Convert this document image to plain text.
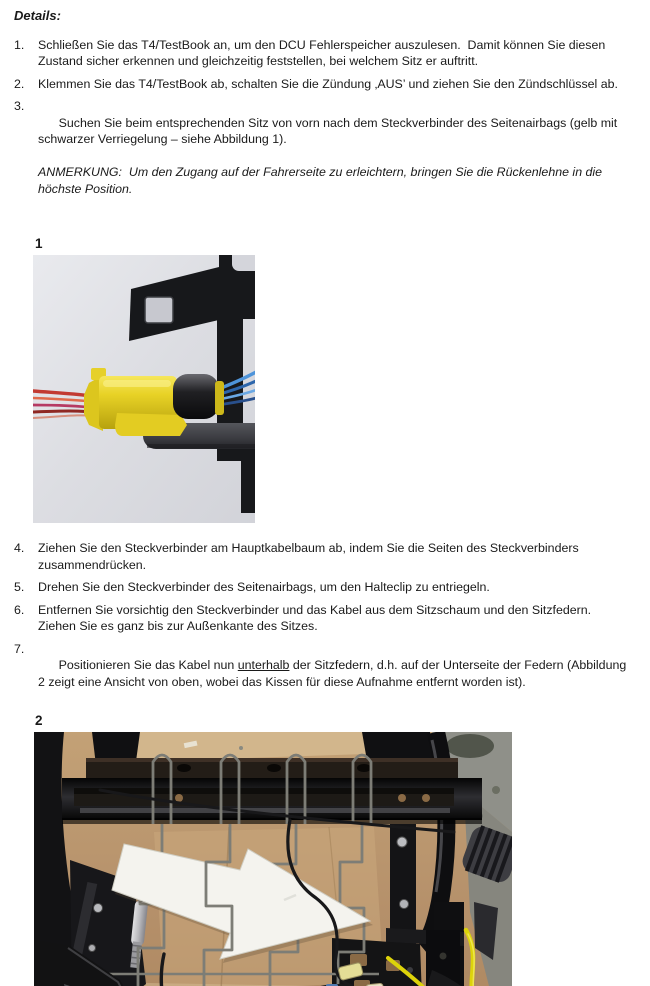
Details:

1.	Schließen Sie das T4/TestBook an, um den DCU Fehlerspeicher auszulesen.  Damit können Sie diesen Zustand sicher erkennen und gleichzeitig feststellen, bei welchem Sitz er auftritt.
2.	Klemmen Sie das T4/TestBook ab, schalten Sie die Zündung ‚AUS’ und ziehen Sie den Zündschlüssel ab.
3.

Suchen Sie beim entsprechenden Sitz von vorn nach dem Steckverbinder des Seitenairbags (gelb mit schwarzer Verriegelung – siehe Abbildung 1).

ANMERKUNG:  Um den Zugang auf der Fahrerseite zu erleichtern, bringen Sie die Rückenlehne in die höchste Position.

1
4.	Ziehen Sie den Steckverbinder am Hauptkabelbaum ab, indem Sie die Seiten des Steckverbinders zusammendrücken.
5.	Drehen Sie den Steckverbinder des Seitenairbags, um den Halteclip zu entriegeln.
6.	Entfernen Sie vorsichtig den Steckverbinder und das Kabel aus dem Sitzschaum und den Sitzfedern. Ziehen Sie es ganz bis zur Außenkante des Sitzes.
7.

Positionieren Sie das Kabel nun unterhalb der Sitzfedern, d.h. auf der Unterseite der Federn (Abbildung 2 zeigt eine Ansicht von oben, wobei das Kissen für diese Aufnahme entfernt worden ist).

2
